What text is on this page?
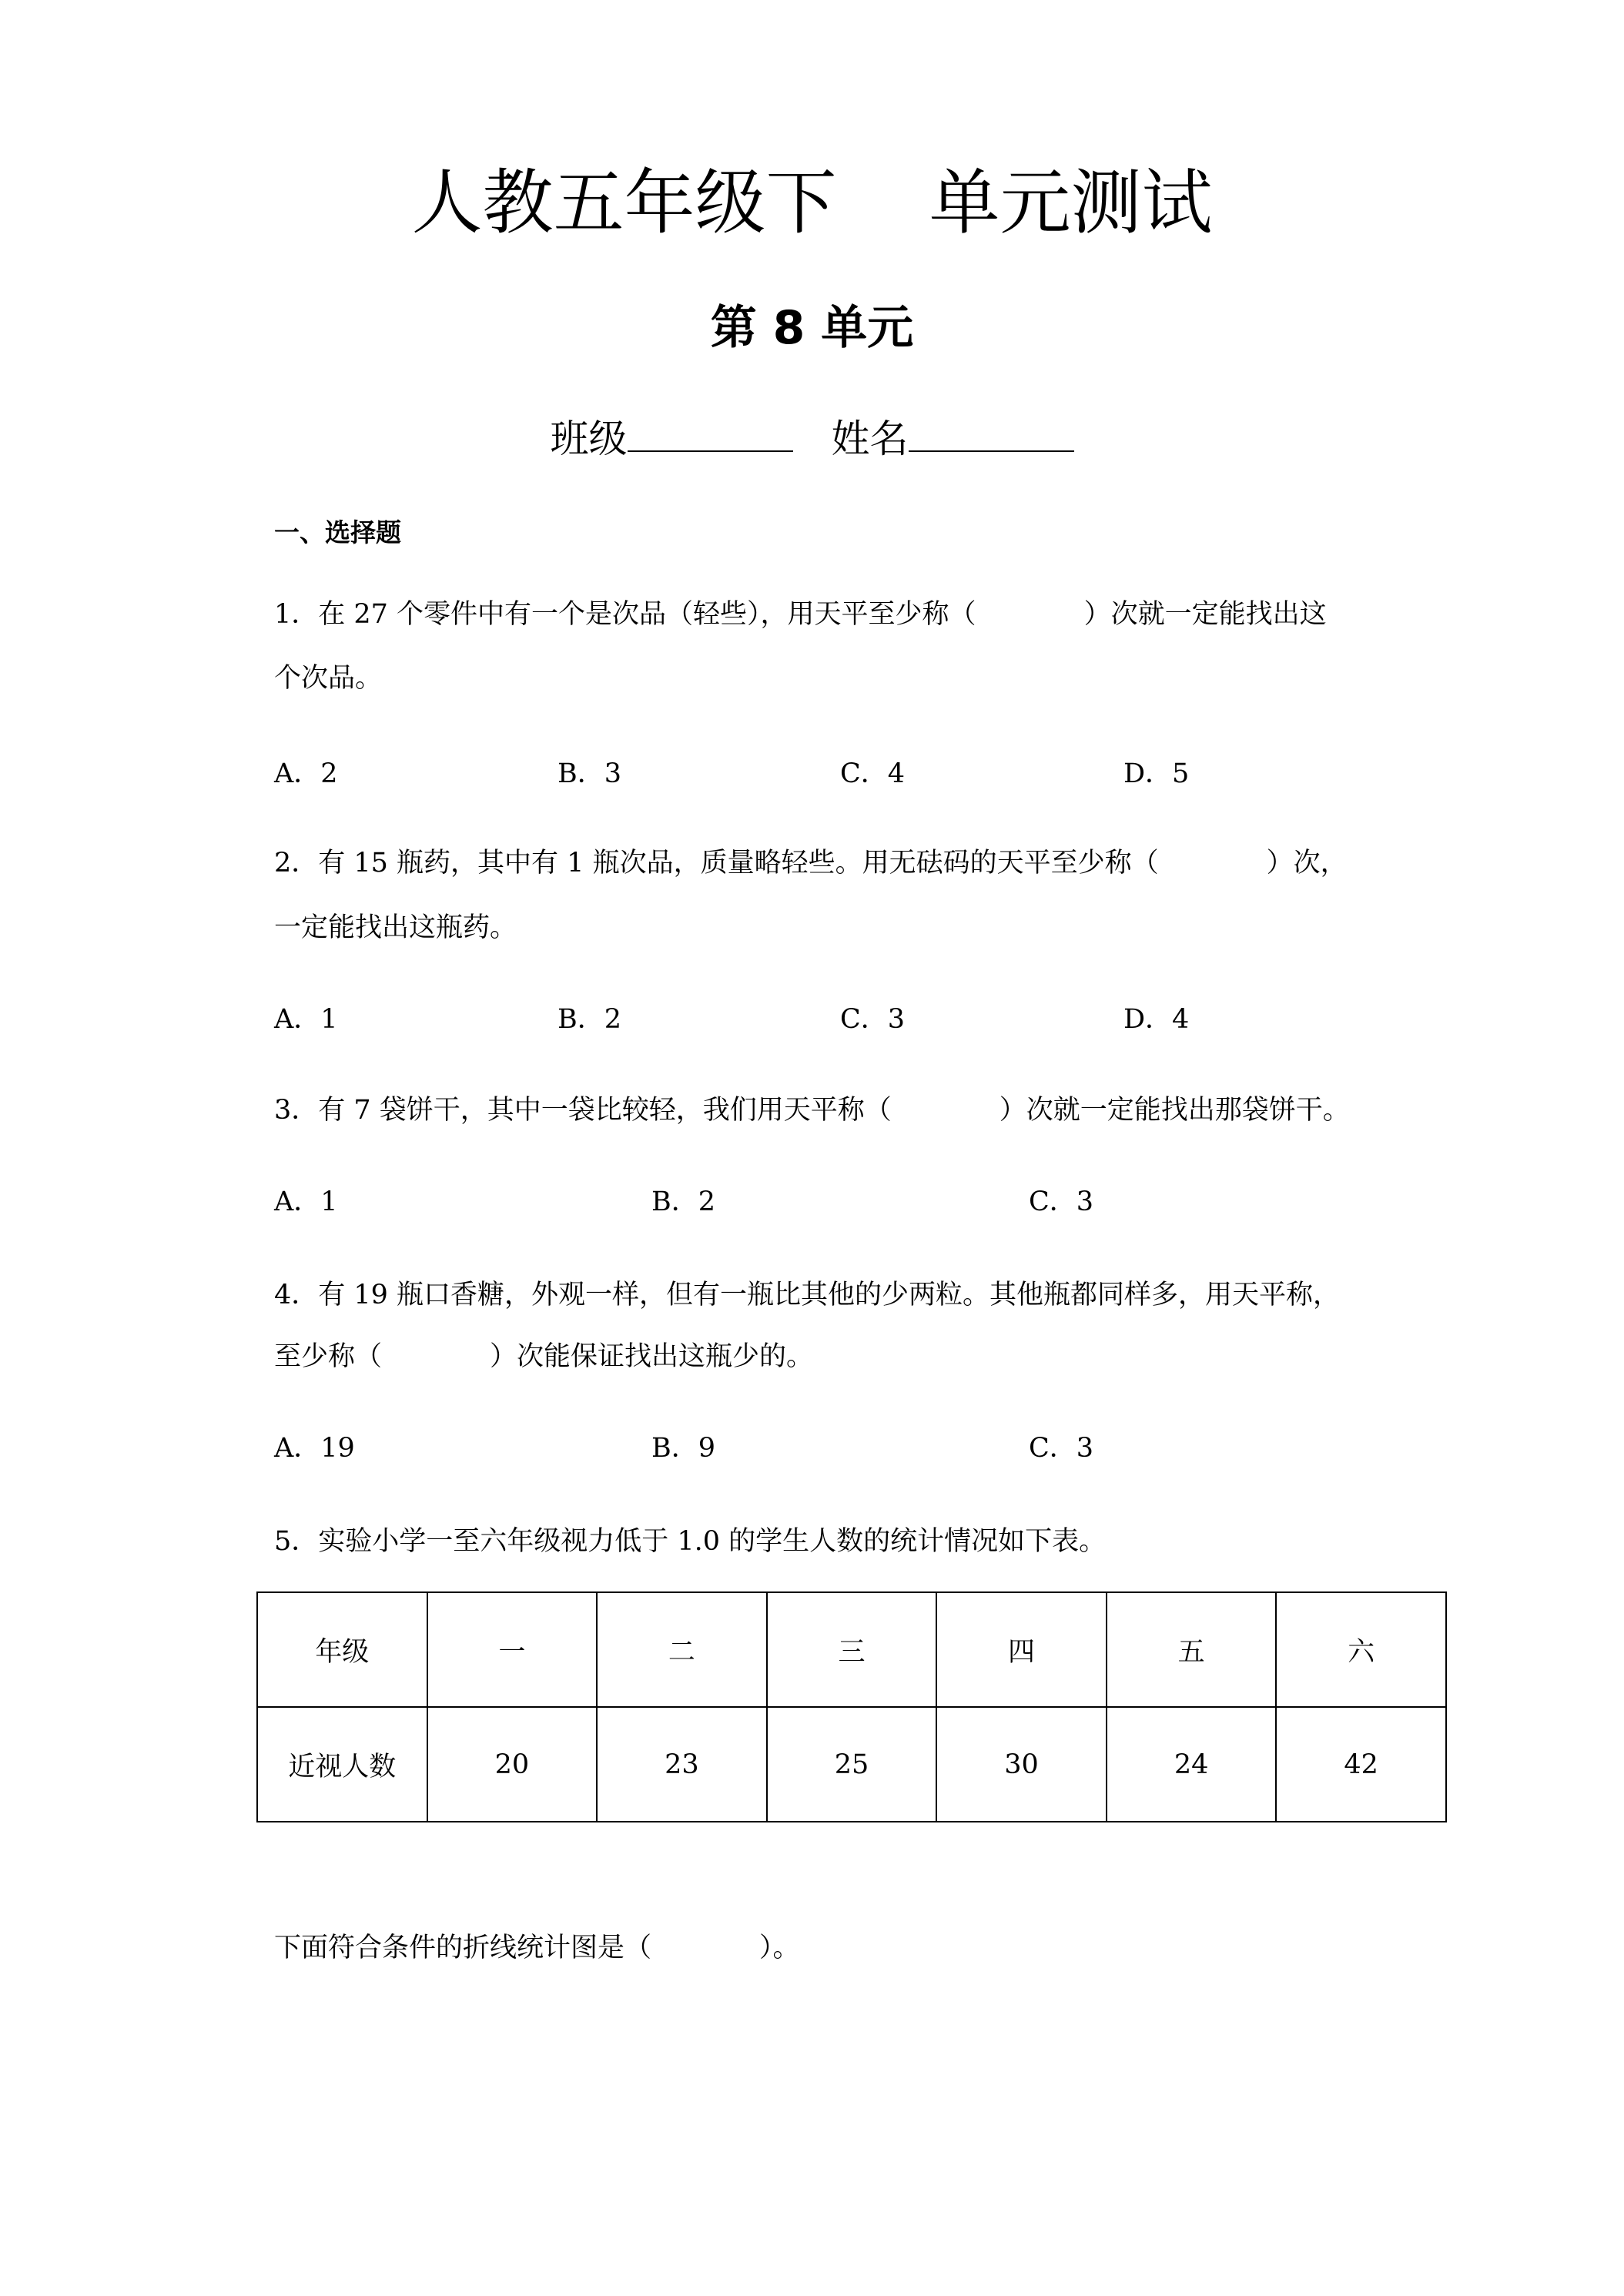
人教五年级下 单元测试
第 8 单元
班级	姓名
一、选择题
1．在 27 个零件中有一个是次品（轻些），用天平至少称（	）次就一定能找出这
个次品。
A．2	B．3	C．4	D．5
2．有 15 瓶药，其中有 1 瓶次品，质量略轻些。用无砝码的天平至少称（	）次，
一定能找出这瓶药。
A．1	B．2	C．3	D．4
3．有 7 袋饼干，其中一袋比较轻，我们用天平称（	）次就一定能找出那袋饼干。
A．1	B．2	C．3
4．有 19 瓶口香糖，外观一样，但有一瓶比其他的少两粒。其他瓶都同样多，用天平称，
至少称（	）次能保证找出这瓶少的。
A．19	B．9	C．3
5．实验小学一至六年级视力低于 1.0 的学生人数的统计情况如下表。
年级	一	二	三	四	五	六
近视人数	20	23	25	30	24	42
下面符合条件的折线统计图是（	）。
